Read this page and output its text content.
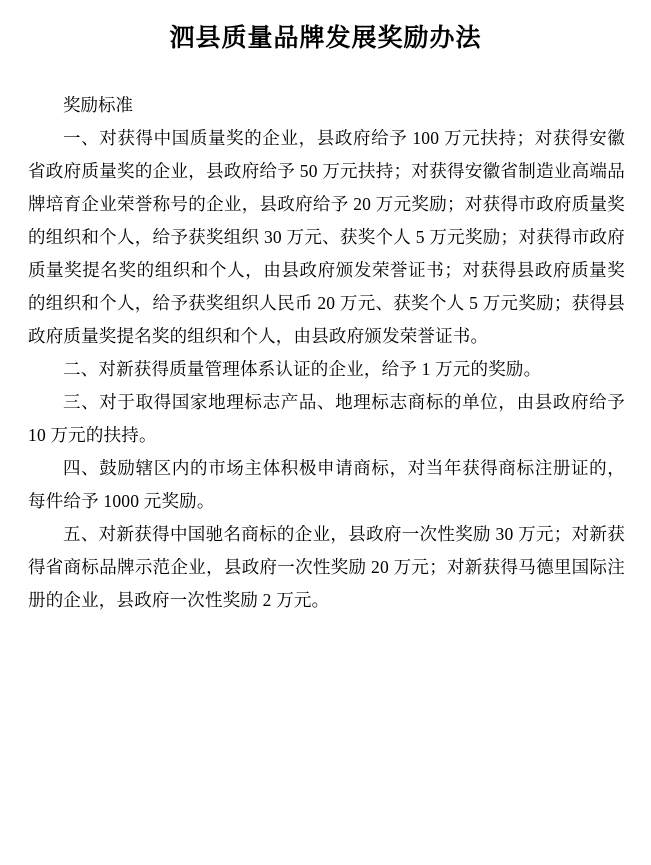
泗县质量品牌发展奖励办法

奖励标准

一、对获得中国质量奖的企业，县政府给予 100 万元扶持；对获得安徽省政府质量奖的企业，县政府给予 50 万元扶持；对获得安徽省制造业高端品牌培育企业荣誉称号的企业，县政府给予 20 万元奖励；对获得市政府质量奖的组织和个人，给予获奖组织 30 万元、获奖个人 5 万元奖励；对获得市政府质量奖提名奖的组织和个人，由县政府颁发荣誉证书；对获得县政府质量奖的组织和个人，给予获奖组织人民币 20 万元、获奖个人 5 万元奖励；获得县政府质量奖提名奖的组织和个人，由县政府颁发荣誉证书。

二、对新获得质量管理体系认证的企业，给予 1 万元的奖励。

三、对于取得国家地理标志产品、地理标志商标的单位，由县政府给予 10 万元的扶持。

四、鼓励辖区内的市场主体积极申请商标，对当年获得商标注册证的，每件给予 1000 元奖励。

五、对新获得中国驰名商标的企业，县政府一次性奖励 30 万元；对新获得省商标品牌示范企业，县政府一次性奖励 20 万元；对新获得马德里国际注册的企业，县政府一次性奖励 2 万元。
